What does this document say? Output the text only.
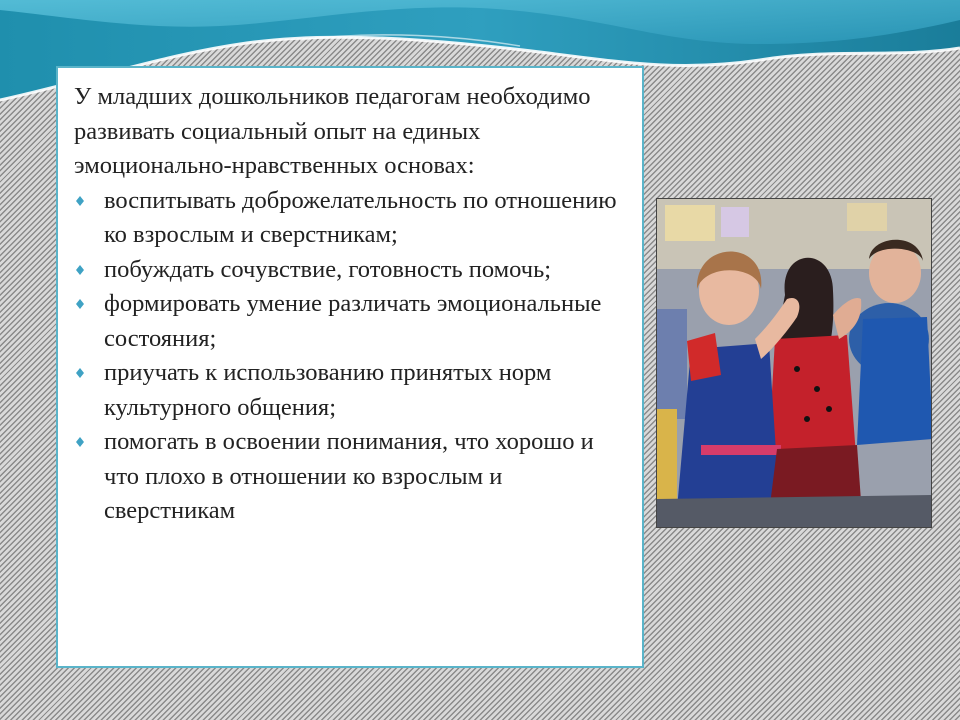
У младших дошкольников педагогам необходимо развивать социальный опыт на единых эмоционально-нравственных основах:

воспитывать доброжелательность по отношению ко взрослым и сверстникам;
побуждать сочувствие, готовность помочь;
формировать умение различать эмоциональные состояния;
приучать к использованию принятых норм культурного общения;
помогать в освоении понимания, что хорошо и что плохо в отношении ко взрослым и сверстникам
